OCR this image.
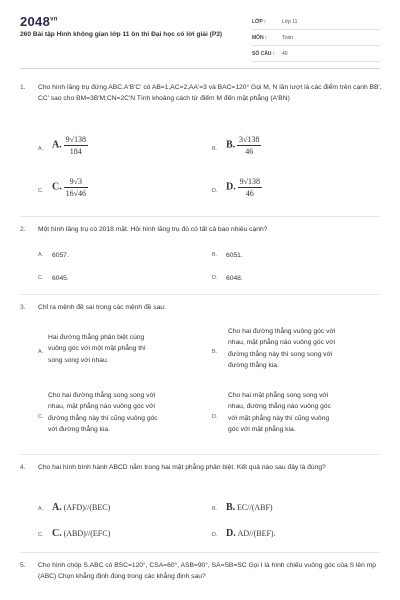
$2048^{vn}$
260 Bài tập Hình không gian lớp 11 ôn thi Đại học có lời giải (P3)
LỚP :	Lớp 11
MÔN :	Toán
SỐ CÂU : 40
1. Cho hình lăng trụ đứng ABC.A'B'C' có AB=1,AC=2,AA'=3 và BAC=120° Gọi M, N lần lượt là các điểm trên cạnh BB', CC' sao cho BM=3B'M;CN=2C'N Tính khoảng cách từ điểm M đến mặt phẳng (A'BN)
A. A. $\frac{9√138}{184}$	B. B. $\frac{3√138}{46}$
C. C. $\frac{9√3}{16√46}$	D. D. $\frac{9√138}{46}$
2. Một hình lăng trụ có 2018 mặt. Hỏi hình lăng trụ đó có tất cả bao nhiêu cạnh?
A. 6057.	B. 6051.
C. 6045.	D. 6048.
3. Chỉ ra mệnh đề sai trong các mệnh đề sau:
A.
Hai đường thẳng phân biệt cùng
vuông góc với một mặt phẳng thì
song song với nhau.
B.
Cho hai đường thẳng vuông góc với
nhau, mặt phẳng nào vuông góc với
đường thẳng này thì song song với
đường thẳng kia.
C.
Cho hai đường thẳng song song với
nhau, mặt phẳng nào vuông góc với
đường thẳng này thì cũng vuông góc
với đường thẳng kia.
D.
Cho hai mặt phẳng song song với
nhau, đường thẳng nào vuông góc
với mặt phẳng này thì cũng vuông
góc với mặt phẳng kia.
4. Cho hai hình bình hành ABCD nằm trong hai mặt phẳng phân biệt. Kết quả nào sau đây là đúng?
A. A. (AFD)//(BEC)	B. B. EC//(ABF)
C. C. (ABD)//(EFC)	D. D. AD//(BEF).
5. Cho hình chóp S.ABC có BSC=120°, CSA=60°, ASB=90°, SA=SB=SC Gọi I là hình chiếu vuông góc của S lên mp (ABC) Chọn khẳng định đúng trong các khẳng định sau?
